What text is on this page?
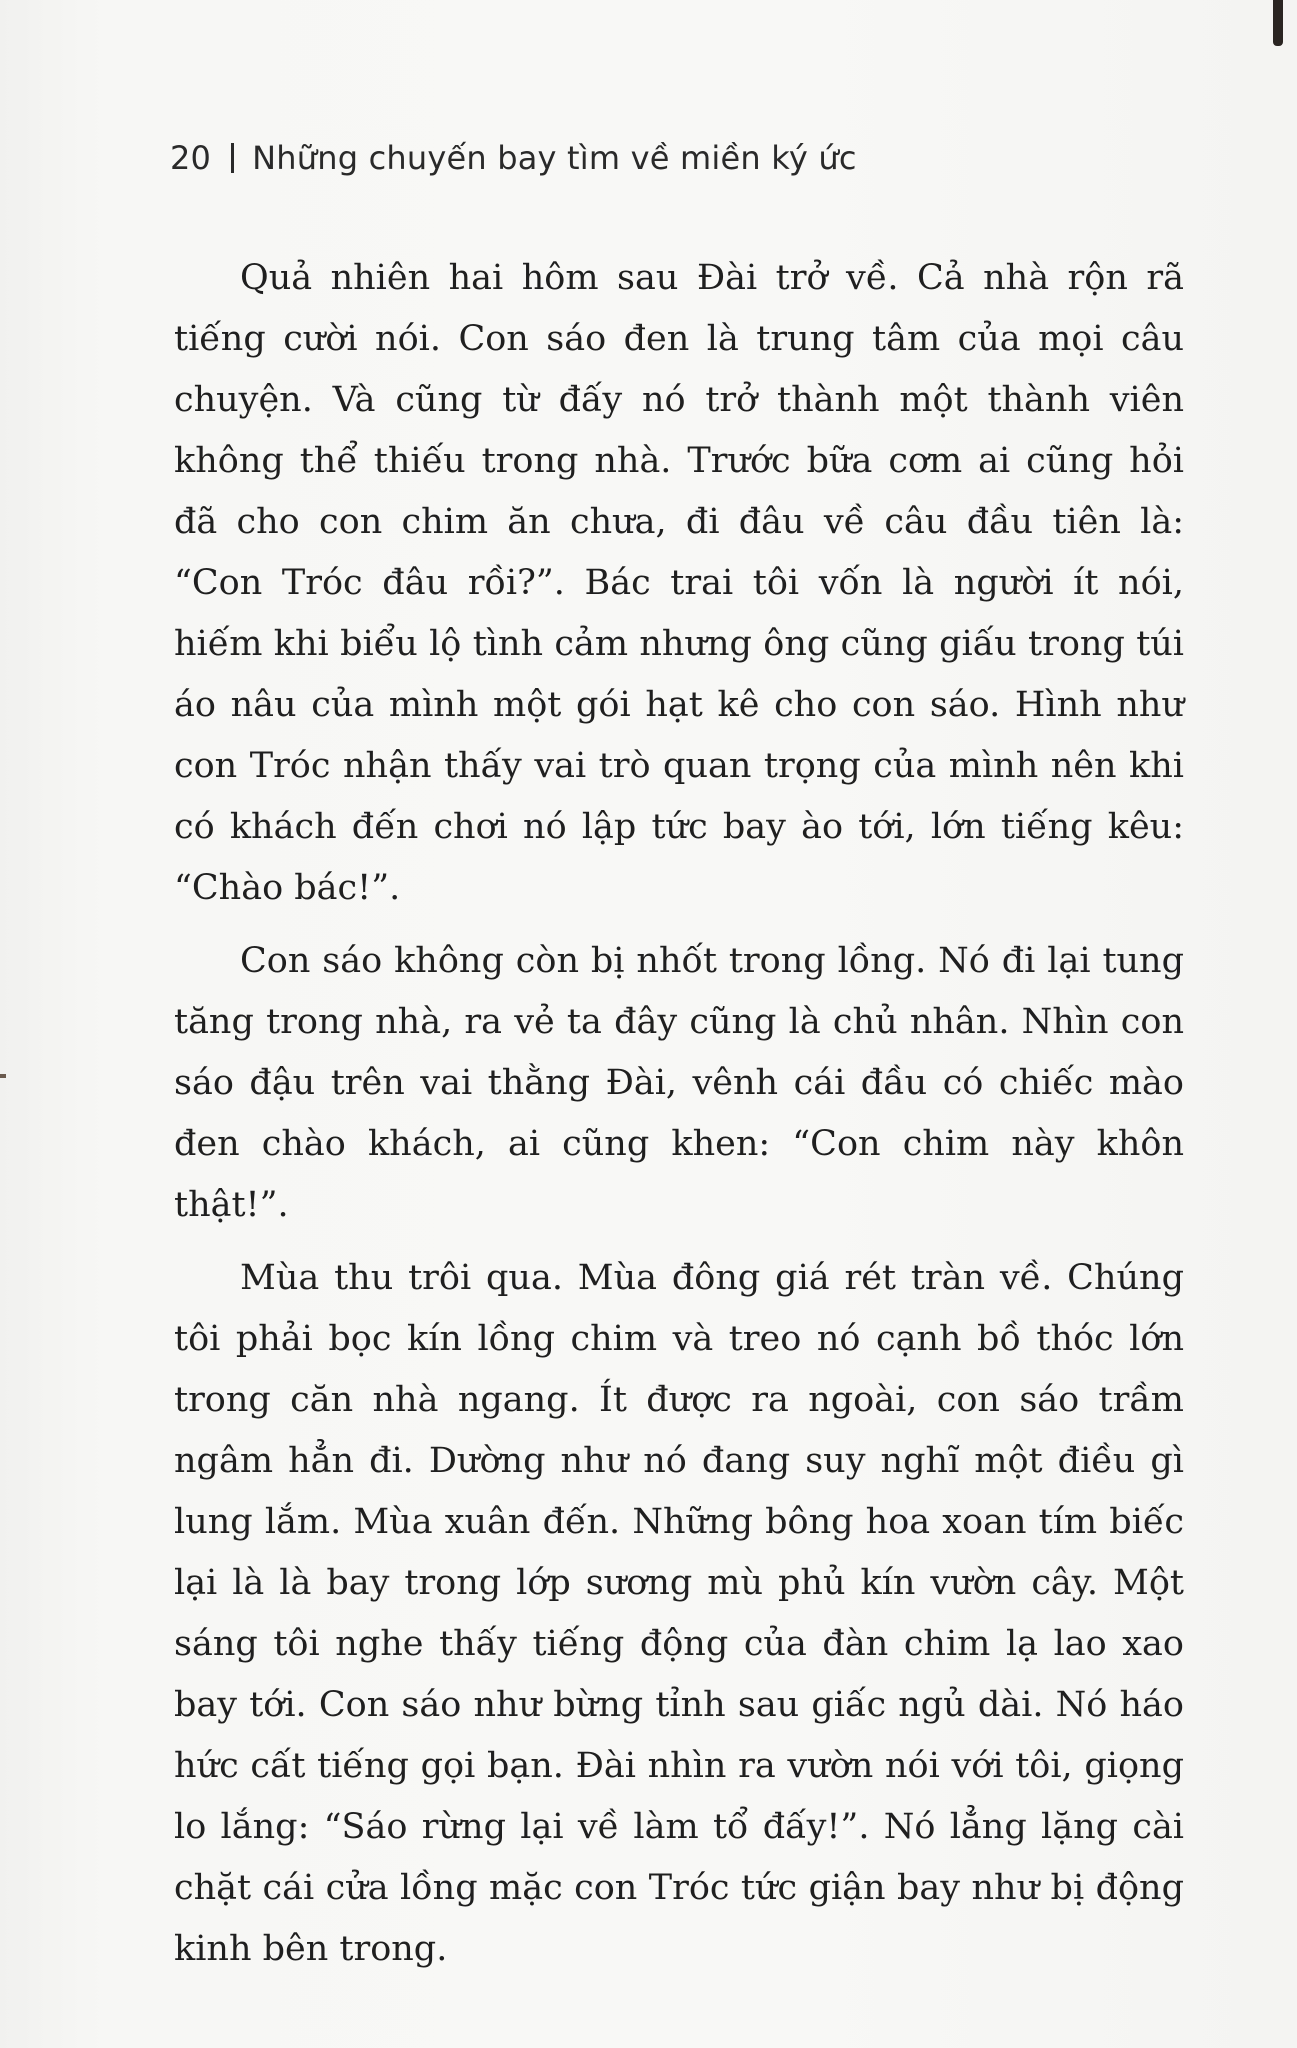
20 Những chuyến bay tìm về miền ký ức

Quả nhiên hai hôm sau Đài trở về. Cả nhà rộn rã tiếng cười nói. Con sáo đen là trung tâm của mọi câu chuyện. Và cũng từ đấy nó trở thành một thành viên không thể thiếu trong nhà. Trước bữa cơm ai cũng hỏi đã cho con chim ăn chưa, đi đâu về câu đầu tiên là: “Con Tróc đâu rồi?”. Bác trai tôi vốn là người ít nói, hiếm khi biểu lộ tình cảm nhưng ông cũng giấu trong túi áo nâu của mình một gói hạt kê cho con sáo. Hình như con Tróc nhận thấy vai trò quan trọng của mình nên khi có khách đến chơi nó lập tức bay ào tới, lớn tiếng kêu: “Chào bác!”.

Con sáo không còn bị nhốt trong lồng. Nó đi lại tung tăng trong nhà, ra vẻ ta đây cũng là chủ nhân. Nhìn con sáo đậu trên vai thằng Đài, vênh cái đầu có chiếc mào đen chào khách, ai cũng khen: “Con chim này khôn thật!”.

Mùa thu trôi qua. Mùa đông giá rét tràn về. Chúng tôi phải bọc kín lồng chim và treo nó cạnh bồ thóc lớn trong căn nhà ngang. Ít được ra ngoài, con sáo trầm ngâm hẳn đi. Dường như nó đang suy nghĩ một điều gì lung lắm. Mùa xuân đến. Những bông hoa xoan tím biếc lại là là bay trong lớp sương mù phủ kín vườn cây. Một sáng tôi nghe thấy tiếng động của đàn chim lạ lao xao bay tới. Con sáo như bừng tỉnh sau giấc ngủ dài. Nó háo hức cất tiếng gọi bạn. Đài nhìn ra vườn nói với tôi, giọng lo lắng: “Sáo rừng lại về làm tổ đấy!”. Nó lẳng lặng cài chặt cái cửa lồng mặc con Tróc tức giận bay như bị động kinh bên trong.
